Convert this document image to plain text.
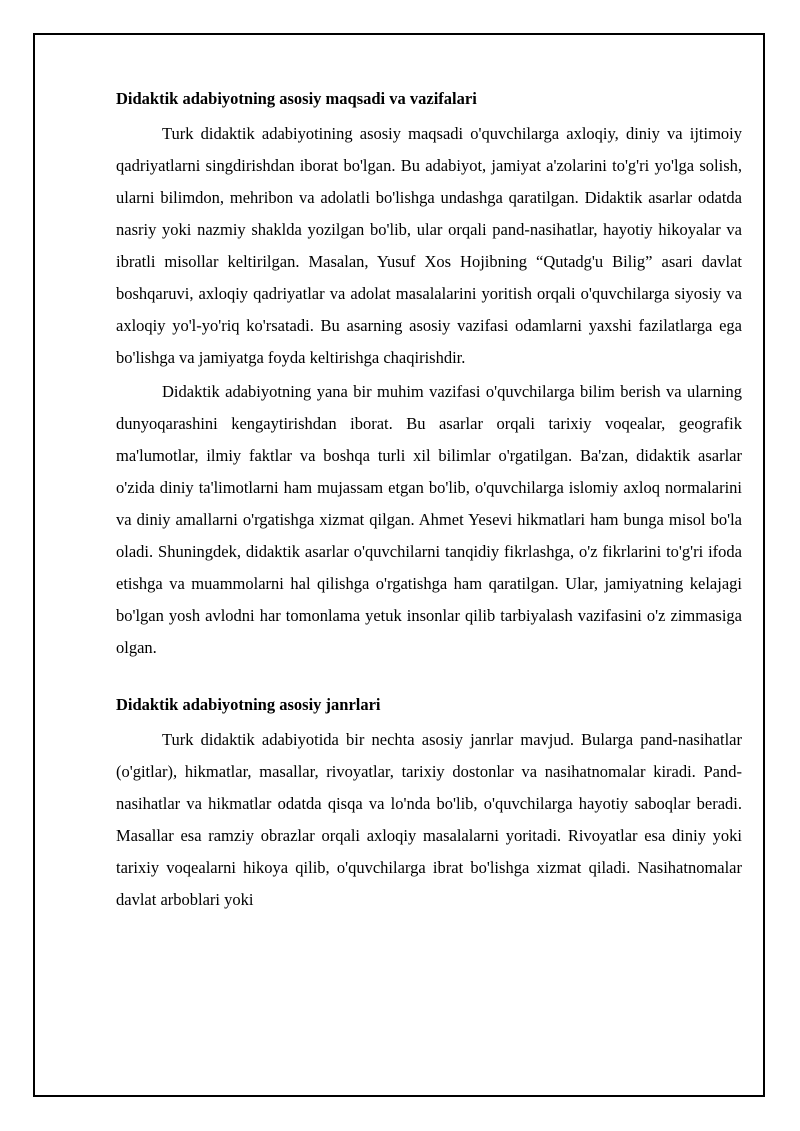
Didaktik adabiyotning asosiy maqsadi va vazifalari

Turk didaktik adabiyotining asosiy maqsadi o'quvchilarga axloqiy, diniy va ijtimoiy qadriyatlarni singdirishdan iborat bo'lgan. Bu adabiyot, jamiyat a'zolarini to'g'ri yo'lga solish, ularni bilimdon, mehribon va adolatli bo'lishga undashga qaratilgan. Didaktik asarlar odatda nasriy yoki nazmiy shaklda yozilgan bo'lib, ular orqali pand-nasihatlar, hayotiy hikoyalar va ibratli misollar keltirilgan. Masalan, Yusuf Xos Hojibning “Qutadg'u Bilig” asari davlat boshqaruvi, axloqiy qadriyatlar va adolat masalalarini yoritish orqali o'quvchilarga siyosiy va axloqiy yo'l-yo'riq ko'rsatadi. Bu asarning asosiy vazifasi odamlarni yaxshi fazilatlarga ega bo'lishga va jamiyatga foyda keltirishga chaqirishdir.

Didaktik adabiyotning yana bir muhim vazifasi o'quvchilarga bilim berish va ularning dunyoqarashini kengaytirishdan iborat. Bu asarlar orqali tarixiy voqealar, geografik ma'lumotlar, ilmiy faktlar va boshqa turli xil bilimlar o'rgatilgan. Ba'zan, didaktik asarlar o'zida diniy ta'limotlarni ham mujassam etgan bo'lib, o'quvchilarga islomiy axloq normalarini va diniy amallarni o'rgatishga xizmat qilgan. Ahmet Yesevi hikmatlari ham bunga misol bo'la oladi. Shuningdek, didaktik asarlar o'quvchilarni tanqidiy fikrlashga, o'z fikrlarini to'g'ri ifoda etishga va muammolarni hal qilishga o'rgatishga ham qaratilgan. Ular, jamiyatning kelajagi bo'lgan yosh avlodni har tomonlama yetuk insonlar qilib tarbiyalash vazifasini o'z zimmasiga olgan.

Didaktik adabiyotning asosiy janrlari

Turk didaktik adabiyotida bir nechta asosiy janrlar mavjud. Bularga pand-nasihatlar (o'gitlar), hikmatlar, masallar, rivoyatlar, tarixiy dostonlar va nasihatnomalar kiradi. Pand-nasihatlar va hikmatlar odatda qisqa va lo'nda bo'lib, o'quvchilarga hayotiy saboqlar beradi. Masallar esa ramziy obrazlar orqali axloqiy masalalarni yoritadi. Rivoyatlar esa diniy yoki tarixiy voqealarni hikoya qilib, o'quvchilarga ibrat bo'lishga xizmat qiladi. Nasihatnomalar davlat arboblari yoki
